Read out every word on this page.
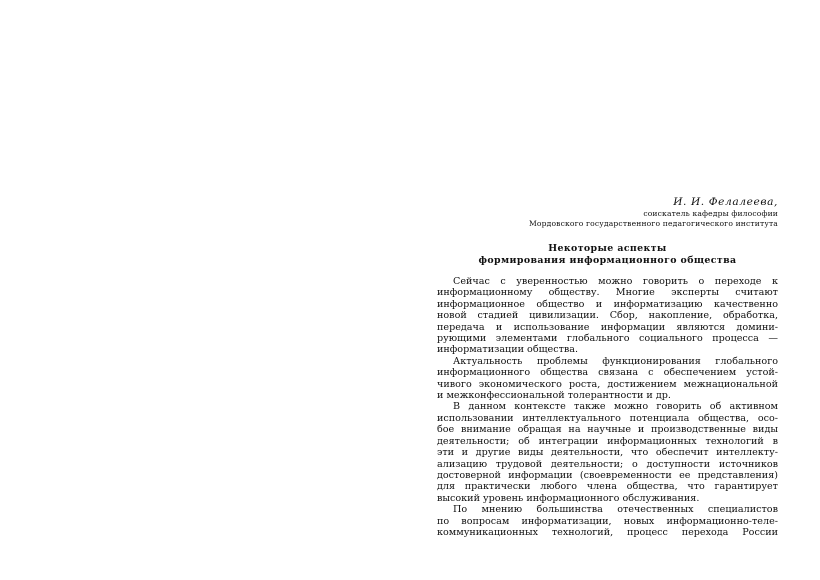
И. И. Фелалеева,
соискатель кафедры философии
Мордовского государственного педагогического института
Некоторые аспекты
формирования информационного общества

Сейчас с уверенностью можно говорить о переходе к
информационному обществу. Многие эксперты считают
информационное общество и информатизацию качественно
новой стадией цивилизации. Сбор, накопление, обработка,
передача и использование информации являются домини-
рующими элементами глобального социального процесса —
информатизации общества.

Актуальность проблемы функционирования глобального
информационного общества связана с обеспечением устой-
чивого экономического роста, достижением межнациональной
и межконфессиональной толерантности и др.

В данном контексте также можно говорить об активном
использовании интеллектуального потенциала общества, осо-
бое внимание обращая на научные и производственные виды
деятельности; об интеграции информационных технологий в
эти и другие виды деятельности, что обеспечит интеллекту-
ализацию трудовой деятельности; о доступности источников
достоверной информации (своевременности ее представления)
для практически любого члена общества, что гарантирует
высокий уровень информационного обслуживания.

По мнению большинства отечественных специалистов
по вопросам информатизации, новых информационно-теле-
коммуникационных технологий, процесс перехода России
